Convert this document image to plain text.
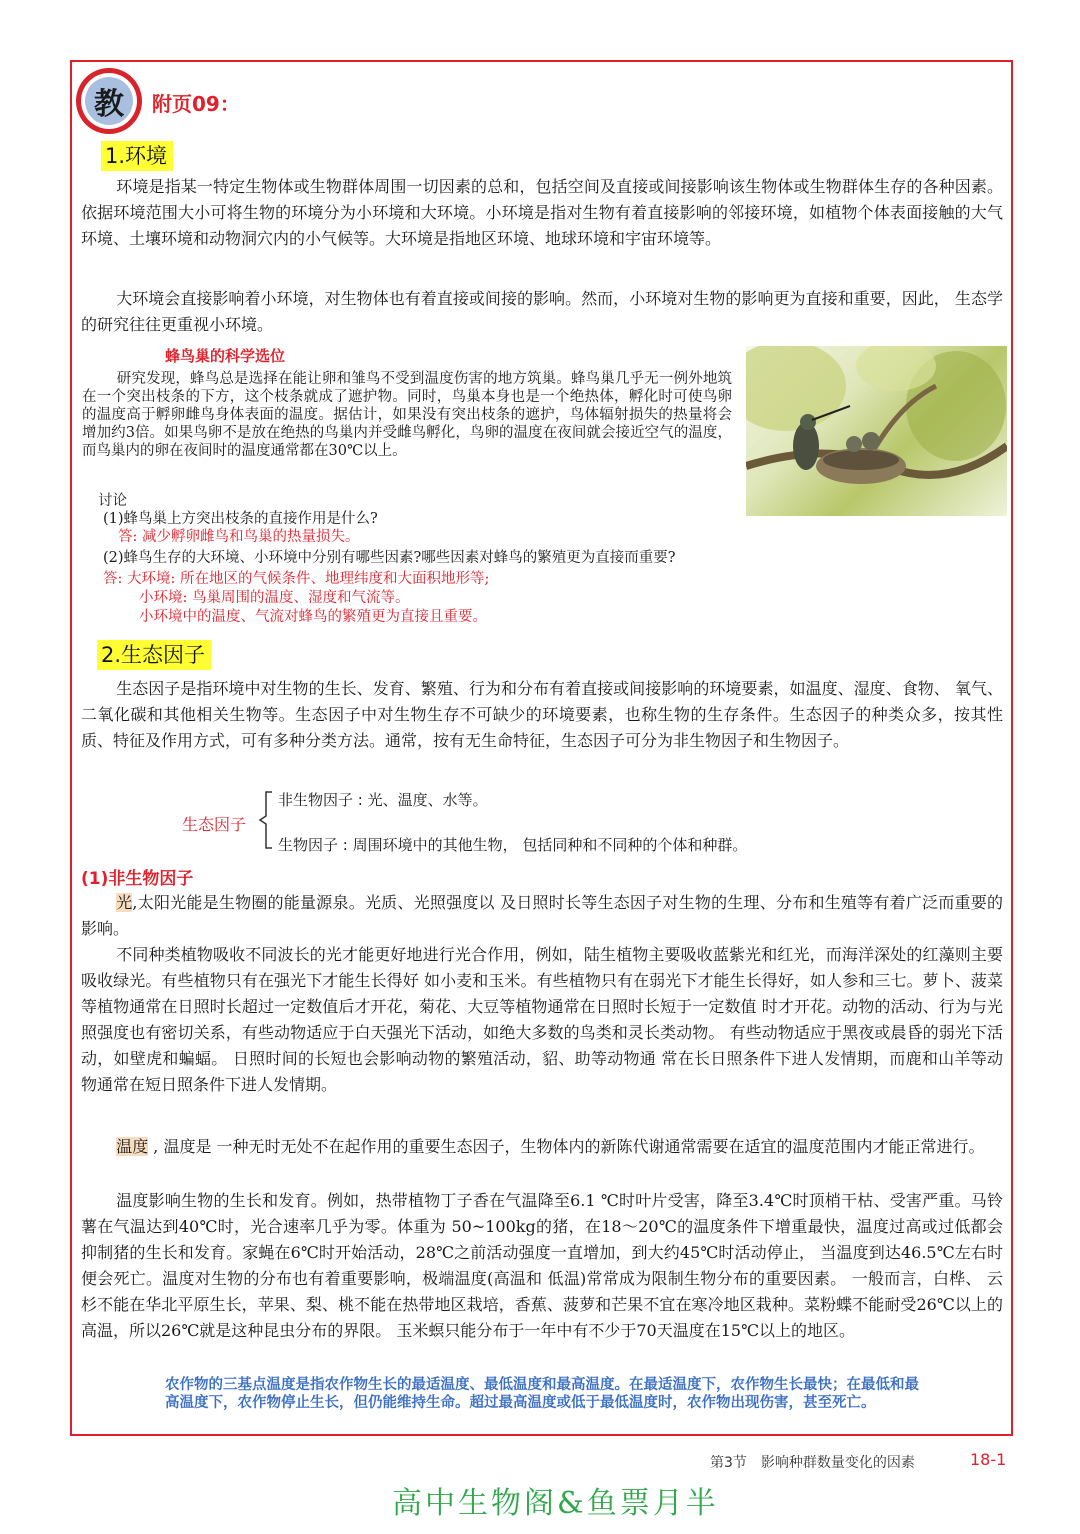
教	附页09：
1.环境

环境是指某一特定生物体或生物群体周围一切因素的总和，包括空间及直接或间接影响该生物体或生物群体生存的各种因素。依据环境范围大小可将生物的环境分为小环境和大环境。小环境是指对生物有着直接影响的邻接环境，如植物个体表面接触的大气环境、土壤环境和动物洞穴内的小气候等。大环境是指地区环境、地球环境和宇宙环境等。

大环境会直接影响着小环境，对生物体也有着直接或间接的影响。然而，小环境对生物的影响更为直接和重要，因此， 生态学的研究往往更重视小环境。

蜂鸟巢的科学选位

研究发现，蜂鸟总是选择在能让卵和雏鸟不受到温度伤害的地方筑巢。蜂鸟巢几乎无一例外地筑在一个突出枝条的下方，这个枝条就成了遮护物。同时，鸟巢本身也是一个绝热体，孵化时可使鸟卵的温度高于孵卵雌鸟身体表面的温度。据估计，如果没有突出枝条的遮护，鸟体辐射损失的热量将会增加约3倍。如果鸟卵不是放在绝热的鸟巢内并受雌鸟孵化，鸟卵的温度在夜间就会接近空气的温度，而鸟巢内的卵在夜间时的温度通常都在30℃以上。

讨论
(1)蜂鸟巢上方突出枝条的直接作用是什么?
答: 减少孵卵雌鸟和鸟巢的热量损失。
(2)蜂鸟生存的大环境、小环境中分别有哪些因素?哪些因素对蜂鸟的繁殖更为直接而重要?
答: 大环境: 所在地区的气候条件、地理纬度和大面积地形等;
小环境: 鸟巢周围的温度、湿度和气流等。
小环境中的温度、气流对蜂鸟的繁殖更为直接且重要。
2.生态因子

生态因子是指环境中对生物的生长、发育、繁殖、行为和分布有着直接或间接影响的环境要素，如温度、湿度、食物、 氧气、二氧化碳和其他相关生物等。生态因子中对生物生存不可缺少的环境要素，也称生物的生存条件。生态因子的种类众多，按其性质、特征及作用方式，可有多种分类方法。通常，按有无生命特征，生态因子可分为非生物因子和生物因子。

生态因子
非生物因子 : 光、温度、水等。
生物因子 : 周围环境中的其他生物， 包括同种和不同种的个体和种群。
(1)非生物因子

光,太阳光能是生物圈的能量源泉。光质、光照强度以 及日照时长等生态因子对生物的生理、分布和生殖等有着广泛而重要的影响。

不同种类植物吸收不同波长的光才能更好地进行光合作用，例如，陆生植物主要吸收蓝紫光和红光，而海洋深处的红藻则主要吸收绿光。有些植物只有在强光下才能生长得好 如小麦和玉米。有些植物只有在弱光下才能生长得好，如人参和三七。萝卜、菠菜等植物通常在日照时长超过一定数值后才开花，菊花、大豆等植物通常在日照时长短于一定数值 时才开花。动物的活动、行为与光照强度也有密切关系，有些动物适应于白天强光下活动，如绝大多数的鸟类和灵长类动物。 有些动物适应于黑夜或晨昏的弱光下活动，如壁虎和蝙蝠。 日照时间的长短也会影响动物的繁殖活动，貂、助等动物通 常在长日照条件下进人发情期，而鹿和山羊等动物通常在短日照条件下进人发情期。

温度 , 温度是 一种无时无处不在起作用的重要生态因子，生物体内的新陈代谢通常需要在适宜的温度范围内才能正常进行。

温度影响生物的生长和发育。例如，热带植物丁子香在气温降至6.1 ℃时叶片受害，降至3.4℃时顶梢干枯、受害严重。马铃薯在气温达到40℃时，光合速率几乎为零。体重为 50~100kg的猪，在18～20℃的温度条件下增重最快，温度过高或过低都会抑制猪的生长和发育。家蝇在6℃时开始活动，28℃之前活动强度一直增加，到大约45℃时活动停止， 当温度到达46.5℃左右时便会死亡。温度对生物的分布也有着重要影响，极端温度(高温和 低温)常常成为限制生物分布的重要因素。 一般而言，白桦、 云杉不能在华北平原生长，苹果、梨、桃不能在热带地区栽培，香蕉、菠萝和芒果不宜在寒冷地区栽种。菜粉蝶不能耐受26℃以上的高温，所以26℃就是这种昆虫分布的界限。 玉米螟只能分布于一年中有不少于70天温度在15℃以上的地区。

农作物的三基点温度是指农作物生长的最适温度、最低温度和最高温度。在最适温度下，农作物生长最快；在最低和最高温度下，农作物停止生长，但仍能维持生命。超过最高温度或低于最低温度时，农作物出现伤害，甚至死亡。

第3节　影响种群数量变化的因素	18-1
高中生物阁&鱼票月半
